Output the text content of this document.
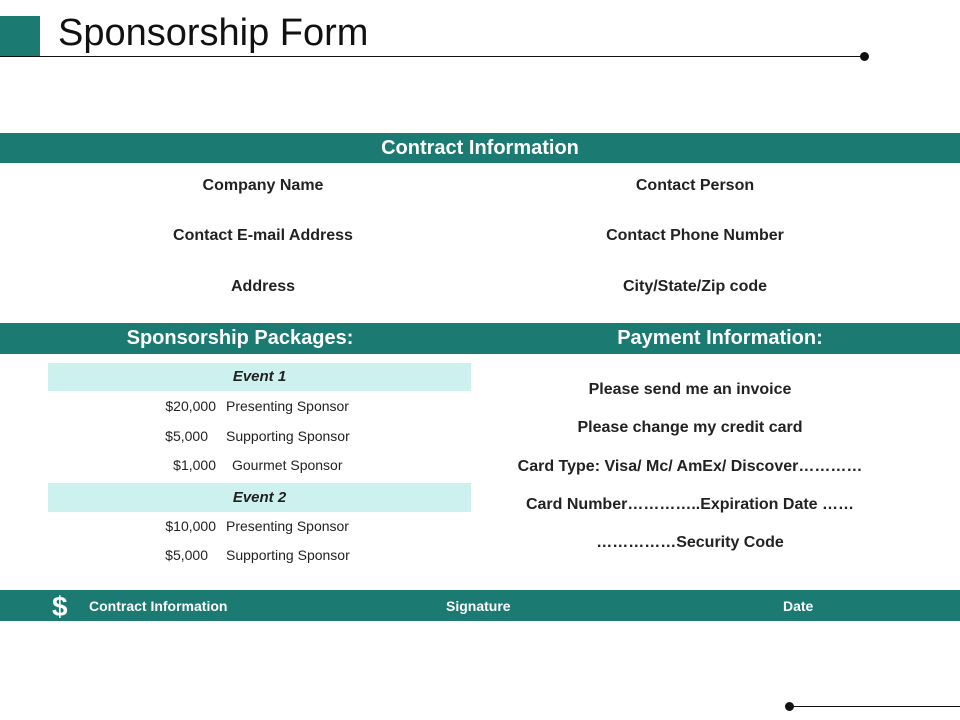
Sponsorship Form
Contract Information
Company Name	Contact Person
Contact E-mail Address	Contact Phone Number
Address	City/State/Zip code
Sponsorship Packages:	Payment Information:
Event 1
$20,000 Presenting Sponsor
$5,000 Supporting Sponsor
$1,000 Gourmet Sponsor
Event 2
$10,000 Presenting Sponsor
$5,000 Supporting Sponsor
Please send me an invoice
Please change my credit card
Card Type: Visa/ Mc/ AmEx/ Discover…………
Card Number…………..Expiration Date ……
……………Security Code
$ Contract Information	Signature	Date
